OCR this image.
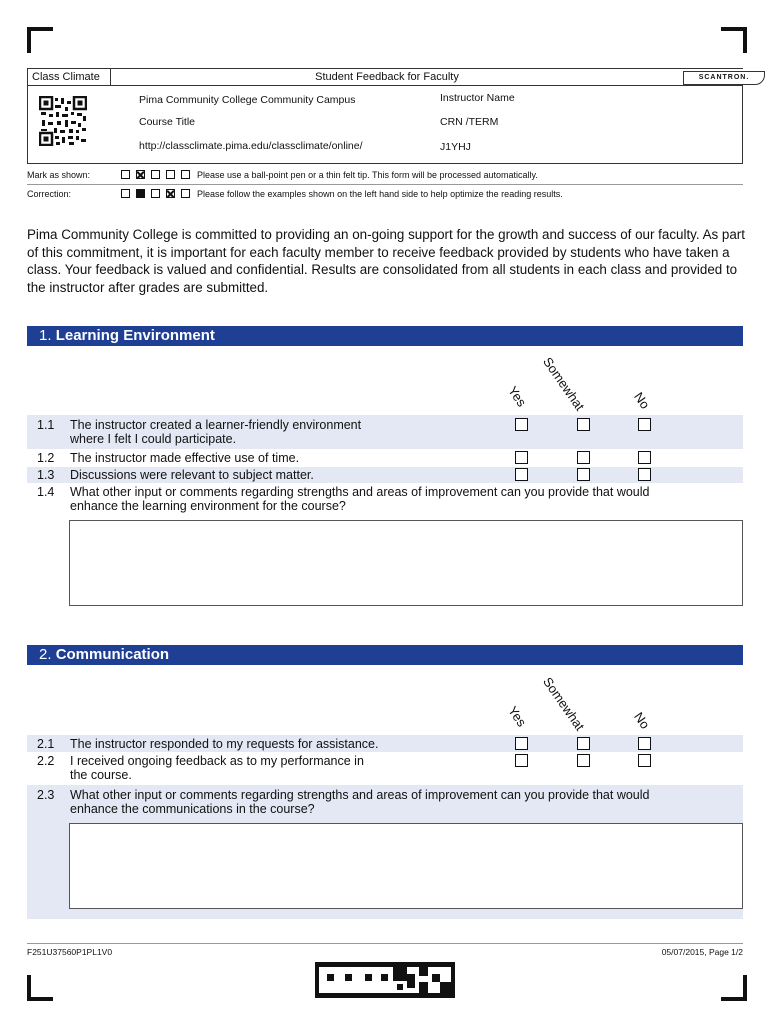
Class Climate	Student Feedback for Faculty	SCANTRON.
Pima Community College Community Campus	Instructor Name
Course Title	CRN /TERM
http://classclimate.pima.edu/classclimate/online/	J1YHJ
Mark as shown:	Please use a ball-point pen or a thin felt tip. This form will be processed automatically.
Correction:	Please follow the examples shown on the left hand side to help optimize the reading results.
Pima Community College is committed to providing an on-going support for the growth and success of our faculty. As part of this commitment, it is important for each faculty member to receive feedback provided by students who have taken a class. Your feedback is valued and confidential. Results are consolidated from all students in each class and provided to the instructor after grades are submitted.
1. Learning Environment
Yes Somewhat	No
1.1 The instructor created a learner-friendly environment
where I felt I could participate.
1.2 The instructor made effective use of time.
1.3 Discussions were relevant to subject matter.
1.4 What other input or comments regarding strengths and areas of improvement can you provide that would
enhance the learning environment for the course?
2. Communication
Yes Somewhat	No
2.1 The instructor responded to my requests for assistance.
2.2 I received ongoing feedback as to my performance in
the course.
2.3 What other input or comments regarding strengths and areas of improvement can you provide that would
enhance the communications in the course?
F251U37560P1PL1V0	05/07/2015, Page 1/2
